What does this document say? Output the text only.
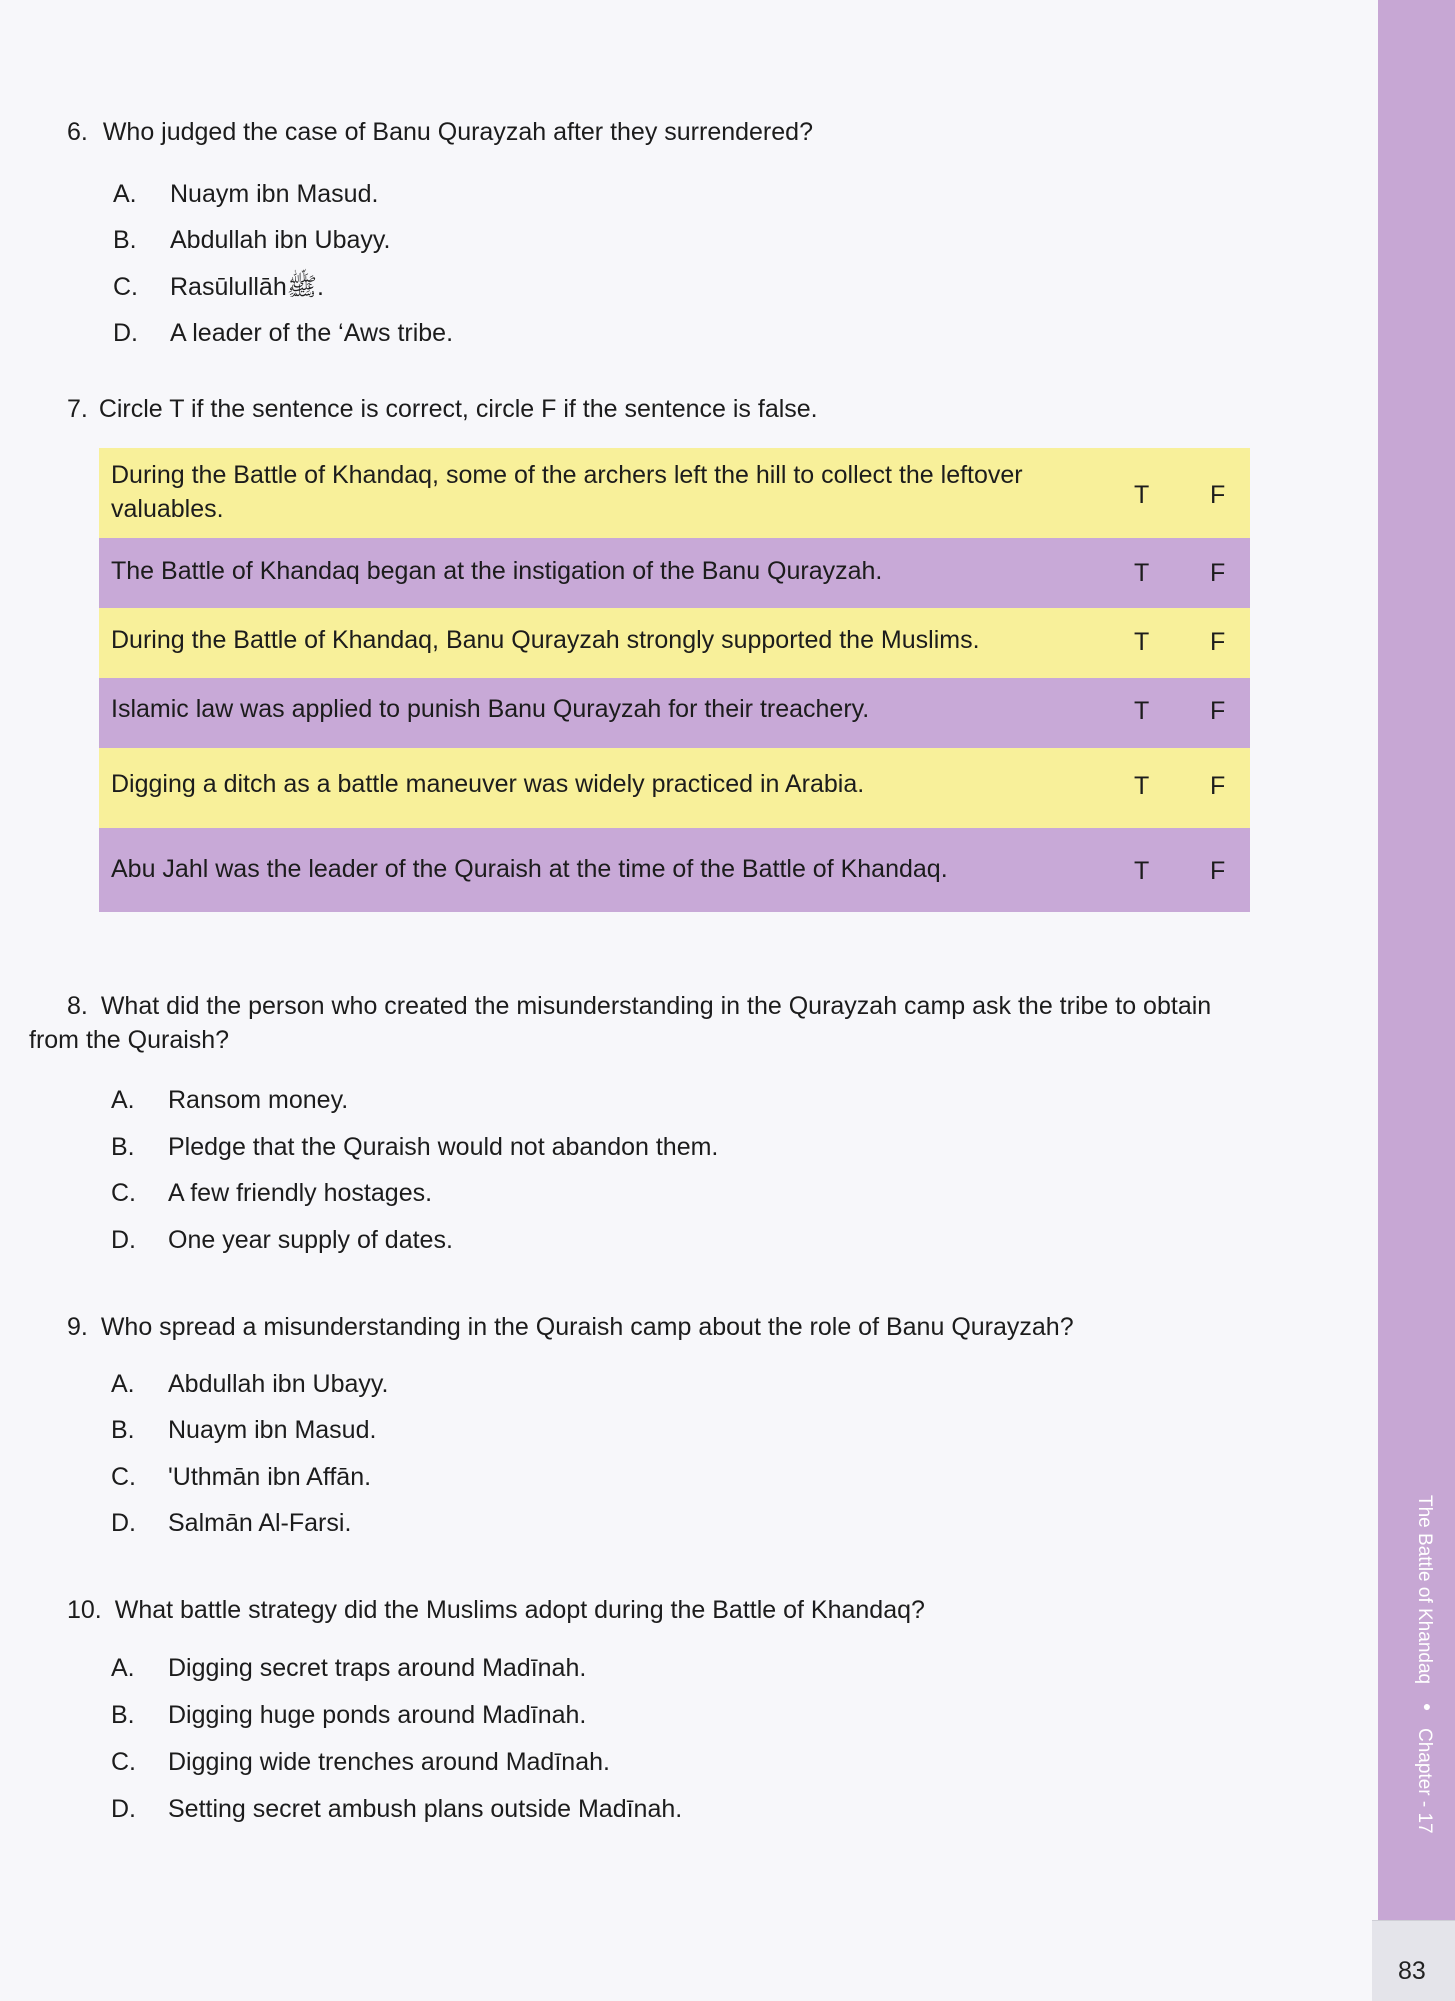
6. Who judged the case of Banu Qurayzah after they surrendered?
A.	Nuaym ibn Masud.
B.	Abdullah ibn Ubayy.
C.	Rasūlullāhﷺ.
D.	A leader of the ‘Aws tribe.
7. Circle T if the sentence is correct, circle F if the sentence is false.
During the Battle of Khandaq, some of the archers left the hill to collect the leftover valuables.	T F
The Battle of Khandaq began at the instigation of the Banu Qurayzah.	T F
During the Battle of Khandaq, Banu Qurayzah strongly supported the Muslims.	T F
Islamic law was applied to punish Banu Qurayzah for their treachery.	T F
Digging a ditch as a battle maneuver was widely practiced in Arabia.	T F
Abu Jahl was the leader of the Quraish at the time of the Battle of Khandaq.	T F
8. What did the person who created the misunderstanding in the Qurayzah camp ask the tribe to obtain
from the Quraish?
A.	Ransom money.
B.	Pledge that the Quraish would not abandon them.
C.	A few friendly hostages.
D.	One year supply of dates.
9. Who spread a misunderstanding in the Quraish camp about the role of Banu Qurayzah?
A.	Abdullah ibn Ubayy.
B.	Nuaym ibn Masud.
C.	'Uthmān ibn Affān.
D.	Salmān Al-Farsi.
10. What battle strategy did the Muslims adopt during the Battle of Khandaq?
A.	Digging secret traps around Madīnah.
B.	Digging huge ponds around Madīnah.
C.	Digging wide trenches around Madīnah.
D.	Setting secret ambush plans outside Madīnah.
The Battle of Khandaq
●
Chapter - 17
83
